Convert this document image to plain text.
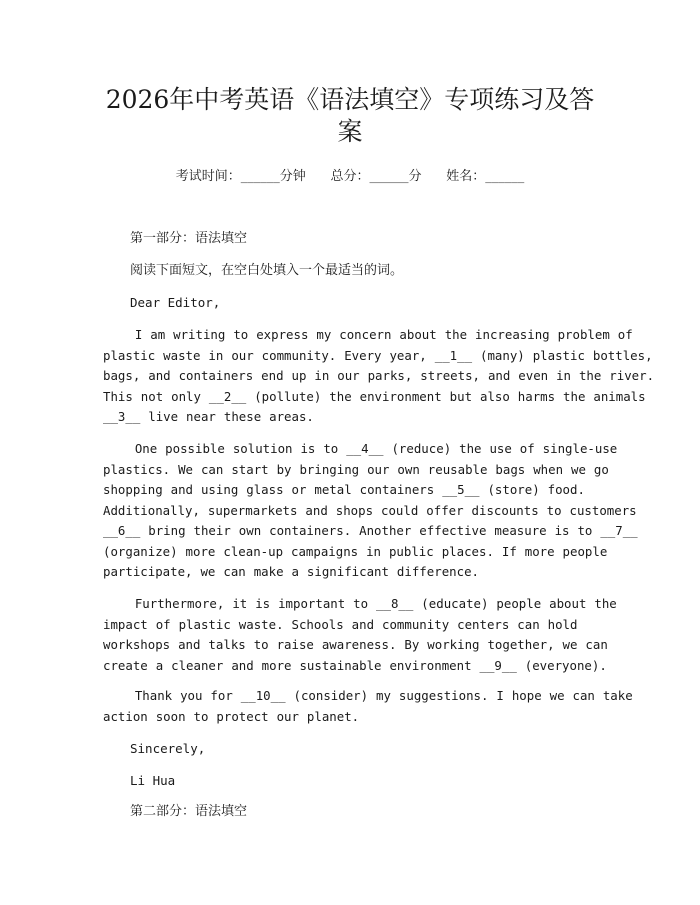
2026年中考英语《语法填空》专项练习及答案
考试时间：______分钟      总分：______分      姓名：______
第一部分：语法填空
阅读下面短文，在空白处填入一个最适当的词。
Dear Editor,
I am writing to express my concern about the increasing problem of
plastic waste in our community. Every year, __1__ (many) plastic bottles,
bags, and containers end up in our parks, streets, and even in the river.
This not only __2__ (pollute) the environment but also harms the animals
__3__ live near these areas.
One possible solution is to __4__ (reduce) the use of single-use
plastics. We can start by bringing our own reusable bags when we go
shopping and using glass or metal containers __5__ (store) food.
Additionally, supermarkets and shops could offer discounts to customers
__6__ bring their own containers. Another effective measure is to __7__
(organize) more clean-up campaigns in public places. If more people
participate, we can make a significant difference.
Furthermore, it is important to __8__ (educate) people about the
impact of plastic waste. Schools and community centers can hold
workshops and talks to raise awareness. By working together, we can
create a cleaner and more sustainable environment __9__ (everyone).
Thank you for __10__ (consider) my suggestions. I hope we can take
action soon to protect our planet.
Sincerely,
Li Hua
第二部分：语法填空
